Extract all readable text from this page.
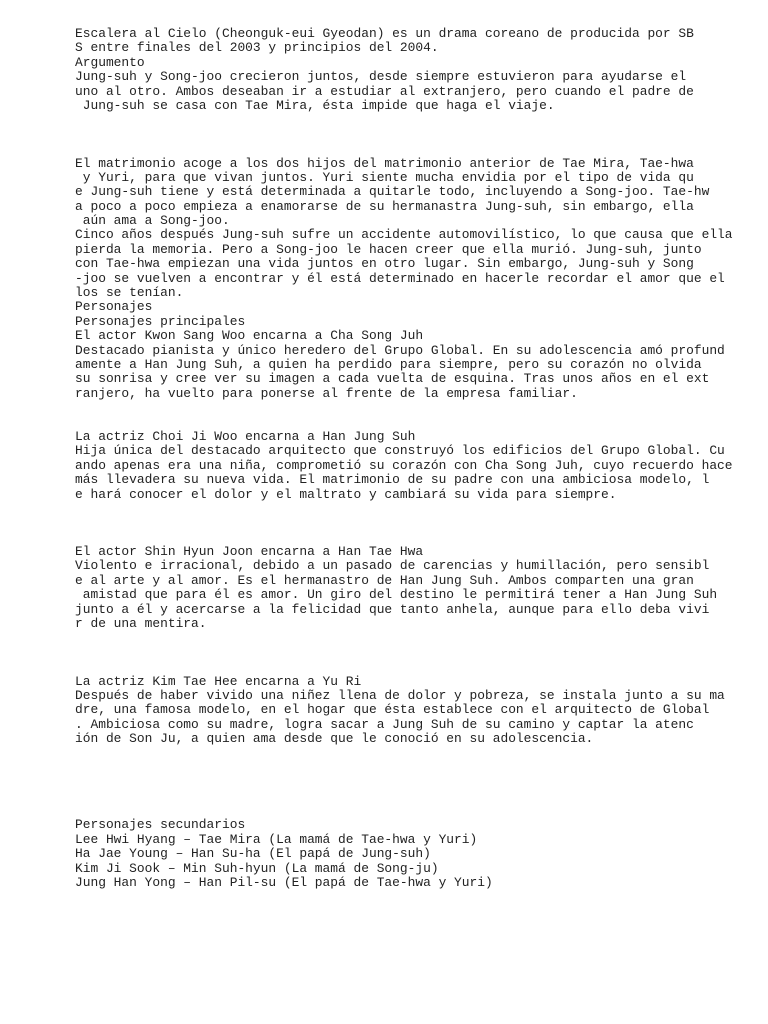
Escalera al Cielo (Cheonguk-eui Gyeodan) es un drama coreano de producida por SB
S entre finales del 2003 y principios del 2004.
Argumento
Jung-suh y Song-joo crecieron juntos, desde siempre estuvieron para ayudarse el
uno al otro. Ambos deseaban ir a estudiar al extranjero, pero cuando el padre de
Jung-suh se casa con Tae Mira, ésta impide que haga el viaje.
El matrimonio acoge a los dos hijos del matrimonio anterior de Tae Mira, Tae-hwa
y Yuri, para que vivan juntos. Yuri siente mucha envidia por el tipo de vida qu
e Jung-suh tiene y está determinada a quitarle todo, incluyendo a Song-joo. Tae-hw
a poco a poco empieza a enamorarse de su hermanastra Jung-suh, sin embargo, ella
aún ama a Song-joo.
Cinco años después Jung-suh sufre un accidente automovilístico, lo que causa que ella
pierda la memoria. Pero a Song-joo le hacen creer que ella murió. Jung-suh, junto
con Tae-hwa empiezan una vida juntos en otro lugar. Sin embargo, Jung-suh y Song
-joo se vuelven a encontrar y él está determinado en hacerle recordar el amor que el
los se tenían.
Personajes
Personajes principales
El actor Kwon Sang Woo encarna a Cha Song Juh
Destacado pianista y único heredero del Grupo Global. En su adolescencia amó profund
amente a Han Jung Suh, a quien ha perdido para siempre, pero su corazón no olvida
su sonrisa y cree ver su imagen a cada vuelta de esquina. Tras unos años en el ext
ranjero, ha vuelto para ponerse al frente de la empresa familiar.
La actriz Choi Ji Woo encarna a Han Jung Suh
Hija única del destacado arquitecto que construyó los edificios del Grupo Global. Cu
ando apenas era una niña, comprometió su corazón con Cha Song Juh, cuyo recuerdo hace
más llevadera su nueva vida. El matrimonio de su padre con una ambiciosa modelo, l
e hará conocer el dolor y el maltrato y cambiará su vida para siempre.
El actor Shin Hyun Joon encarna a Han Tae Hwa
Violento e irracional, debido a un pasado de carencias y humillación, pero sensibl
e al arte y al amor. Es el hermanastro de Han Jung Suh. Ambos comparten una gran
amistad que para él es amor. Un giro del destino le permitirá tener a Han Jung Suh
junto a él y acercarse a la felicidad que tanto anhela, aunque para ello deba vivi
r de una mentira.
La actriz Kim Tae Hee encarna a Yu Ri
Después de haber vivido una niñez llena de dolor y pobreza, se instala junto a su ma
dre, una famosa modelo, en el hogar que ésta establece con el arquitecto de Global
. Ambiciosa como su madre, logra sacar a Jung Suh de su camino y captar la atenc
ión de Son Ju, a quien ama desde que le conoció en su adolescencia.
Personajes secundarios
Lee Hwi Hyang – Tae Mira (La mamá de Tae-hwa y Yuri)
Ha Jae Young – Han Su-ha (El papá de Jung-suh)
Kim Ji Sook – Min Suh-hyun (La mamá de Song-ju)
Jung Han Yong – Han Pil-su (El papá de Tae-hwa y Yuri)
